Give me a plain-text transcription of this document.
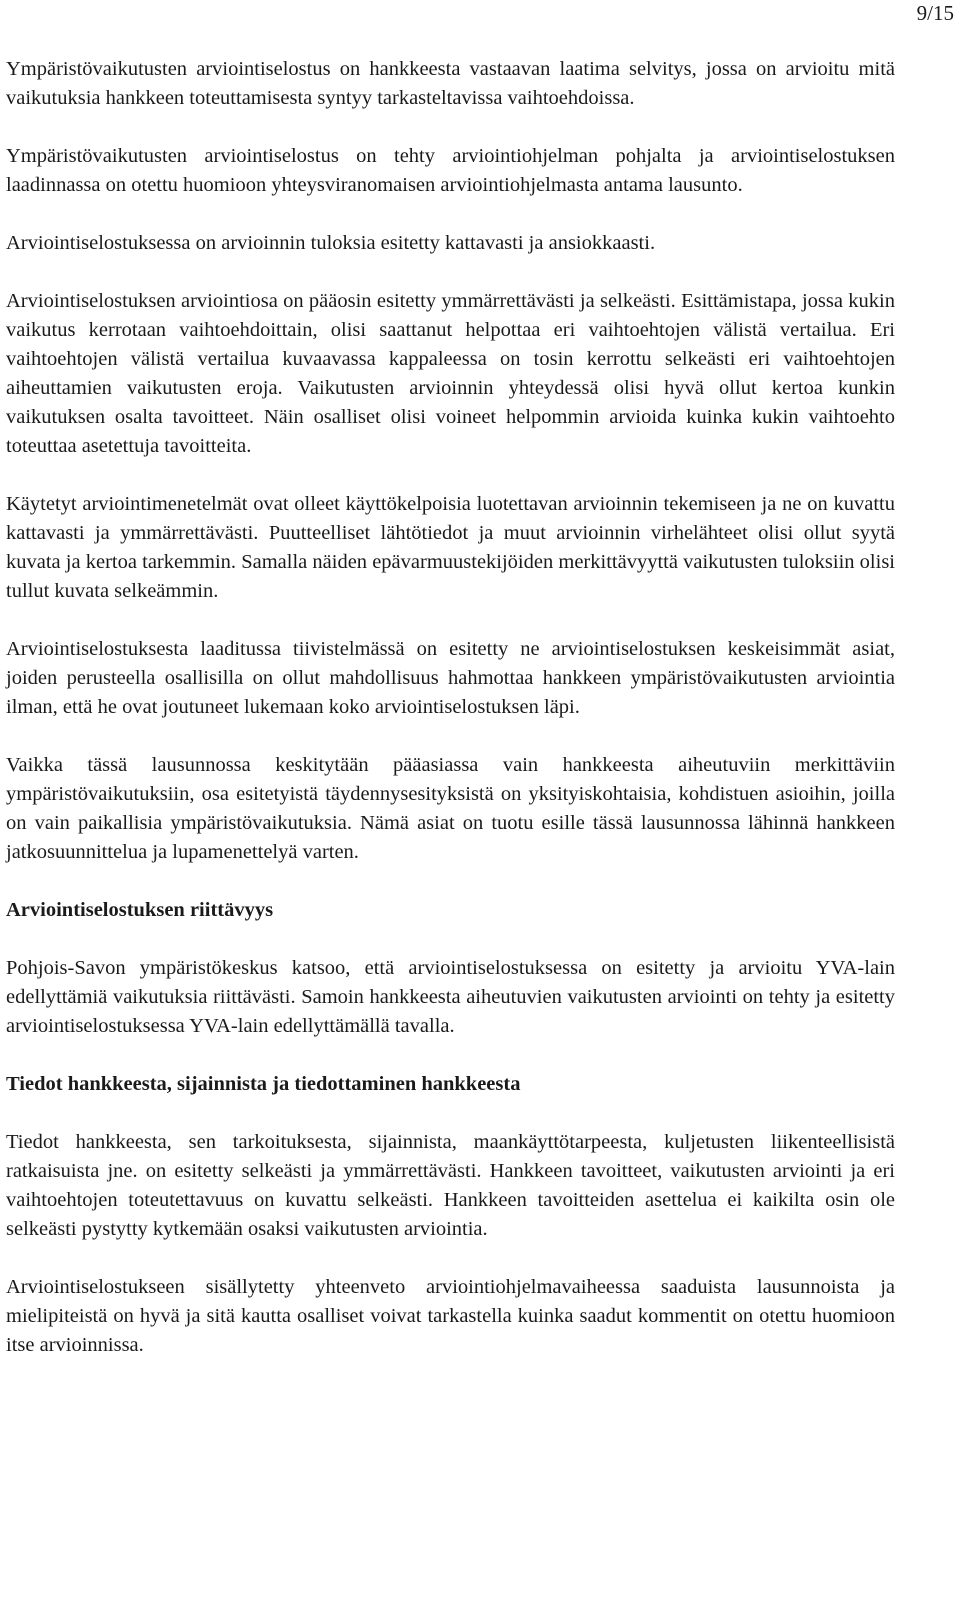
9/15

Ympäristövaikutusten arviointiselostus on hankkeesta vastaavan laatima selvitys, jossa on arvioitu mitä vaikutuksia hankkeen toteuttamisesta syntyy tarkasteltavissa vaihtoehdoissa.

Ympäristövaikutusten arviointiselostus on tehty arviointiohjelman pohjalta ja arviointiselostuksen laadinnassa on otettu huomioon yhteysviranomaisen arviointiohjelmasta antama lausunto.

Arviointiselostuksessa on arvioinnin tuloksia esitetty kattavasti ja ansiokkaasti.

Arviointiselostuksen arviointiosa on pääosin esitetty ymmärrettävästi ja selkeästi. Esittämistapa, jossa kukin vaikutus kerrotaan vaihtoehdoittain, olisi saattanut helpottaa eri vaihtoehtojen välistä vertailua. Eri vaihtoehtojen välistä vertailua kuvaavassa kappaleessa on tosin kerrottu selkeästi eri vaihtoehtojen aiheuttamien vaikutusten eroja. Vaikutusten arvioinnin yhteydessä olisi hyvä ollut kertoa kunkin vaikutuksen osalta tavoitteet. Näin osalliset olisi voineet helpommin arvioida kuinka kukin vaihtoehto toteuttaa asetettuja tavoitteita.

Käytetyt arviointimenetelmät ovat olleet käyttökelpoisia luotettavan arvioinnin tekemiseen ja ne on kuvattu kattavasti ja ymmärrettävästi. Puutteelliset lähtötiedot ja muut arvioinnin virhelähteet olisi ollut syytä kuvata ja kertoa tarkemmin. Samalla näiden epävarmuustekijöiden merkittävyyttä vaikutusten tuloksiin olisi tullut kuvata selkeämmin.

Arviointiselostuksesta laaditussa tiivistelmässä on esitetty ne arviointiselostuksen keskeisimmät asiat, joiden perusteella osallisilla on ollut mahdollisuus hahmottaa hankkeen ympäristövaikutusten arviointia ilman, että he ovat joutuneet lukemaan koko arviointiselostuksen läpi.

Vaikka tässä lausunnossa keskitytään pääasiassa vain hankkeesta aiheutuviin merkittäviin ympäristövaikutuksiin, osa esitetyistä täydennysesityksistä on yksityiskohtaisia, kohdistuen asioihin, joilla on vain paikallisia ympäristövaikutuksia. Nämä asiat on tuotu esille tässä lausunnossa lähinnä hankkeen jatkosuunnittelua ja lupamenettelyä varten.

Arviointiselostuksen riittävyys

Pohjois-Savon ympäristökeskus katsoo, että arviointiselostuksessa on esitetty ja arvioitu YVA-lain edellyttämiä vaikutuksia riittävästi. Samoin hankkeesta aiheutuvien vaikutusten arviointi on tehty ja esitetty arviointiselostuksessa YVA-lain edellyttämällä tavalla.

Tiedot hankkeesta, sijainnista ja tiedottaminen hankkeesta

Tiedot hankkeesta, sen tarkoituksesta, sijainnista, maankäyttötarpeesta, kuljetusten liikenteellisistä ratkaisuista jne. on esitetty selkeästi ja ymmärrettävästi. Hankkeen tavoitteet, vaikutusten arviointi ja eri vaihtoehtojen toteutettavuus on kuvattu selkeästi. Hankkeen tavoitteiden asettelua ei kaikilta osin ole selkeästi pystytty kytkemään osaksi vaikutusten arviointia.

Arviointiselostukseen sisällytetty yhteenveto arviointiohjelmavaiheessa saaduista lausunnoista ja mielipiteistä on hyvä ja sitä kautta osalliset voivat tarkastella kuinka saadut kommentit on otettu huomioon itse arvioinnissa.
